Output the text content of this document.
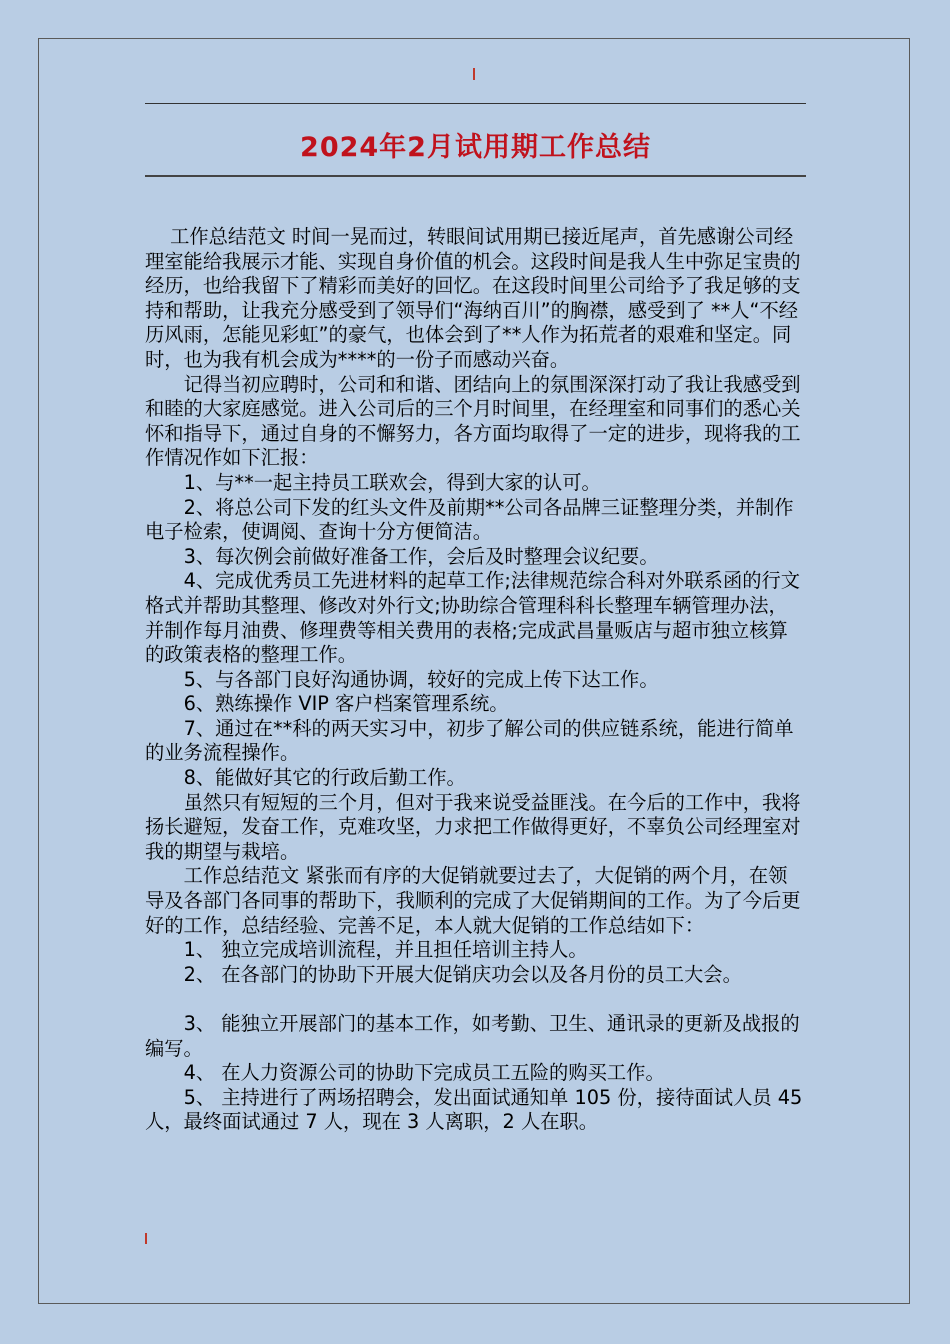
2024年2月试用期工作总结

工作总结范文 时间一晃而过，转眼间试用期已接近尾声，首先感谢公司经理室能给我展示才能、实现自身价值的机会。这段时间是我人生中弥足宝贵的经历，也给我留下了精彩而美好的回忆。在这段时间里公司给予了我足够的支持和帮助，让我充分感受到了领导们“海纳百川”的胸襟，感受到了 **人“不经历风雨，怎能见彩虹”的豪气，也体会到了**人作为拓荒者的艰难和坚定。同时，也为我有机会成为****的一份子而感动兴奋。

记得当初应聘时，公司和和谐、团结向上的氛围深深打动了我让我感受到和睦的大家庭感觉。进入公司后的三个月时间里，在经理室和同事们的悉心关怀和指导下，通过自身的不懈努力，各方面均取得了一定的进步，现将我的工作情况作如下汇报：

1、与**一起主持员工联欢会，得到大家的认可。

2、将总公司下发的红头文件及前期**公司各品牌三证整理分类，并制作电子检索，使调阅、查询十分方便简洁。

3、每次例会前做好准备工作，会后及时整理会议纪要。

4、完成优秀员工先进材料的起草工作;法律规范综合科对外联系函的行文格式并帮助其整理、修改对外行文;协助综合管理科科长整理车辆管理办法，并制作每月油费、修理费等相关费用的表格;完成武昌量贩店与超市独立核算的政策表格的整理工作。

5、与各部门良好沟通协调，较好的完成上传下达工作。

6、熟练操作 VIP 客户档案管理系统。

7、通过在**科的两天实习中，初步了解公司的供应链系统，能进行简单的业务流程操作。

8、能做好其它的行政后勤工作。

虽然只有短短的三个月，但对于我来说受益匪浅。在今后的工作中，我将扬长避短，发奋工作，克难攻坚，力求把工作做得更好，不辜负公司经理室对我的期望与栽培。

工作总结范文 紧张而有序的大促销就要过去了，大促销的两个月，在领导及各部门各同事的帮助下，我顺利的完成了大促销期间的工作。为了今后更好的工作，总结经验、完善不足，本人就大促销的工作总结如下：

1、 独立完成培训流程，并且担任培训主持人。

2、 在各部门的协助下开展大促销庆功会以及各月份的员工大会。

3、 能独立开展部门的基本工作，如考勤、卫生、通讯录的更新及战报的编写。

4、 在人力资源公司的协助下完成员工五险的购买工作。

5、 主持进行了两场招聘会，发出面试通知单 105 份，接待面试人员 45 人，最终面试通过 7 人，现在 3 人离职，2 人在职。
